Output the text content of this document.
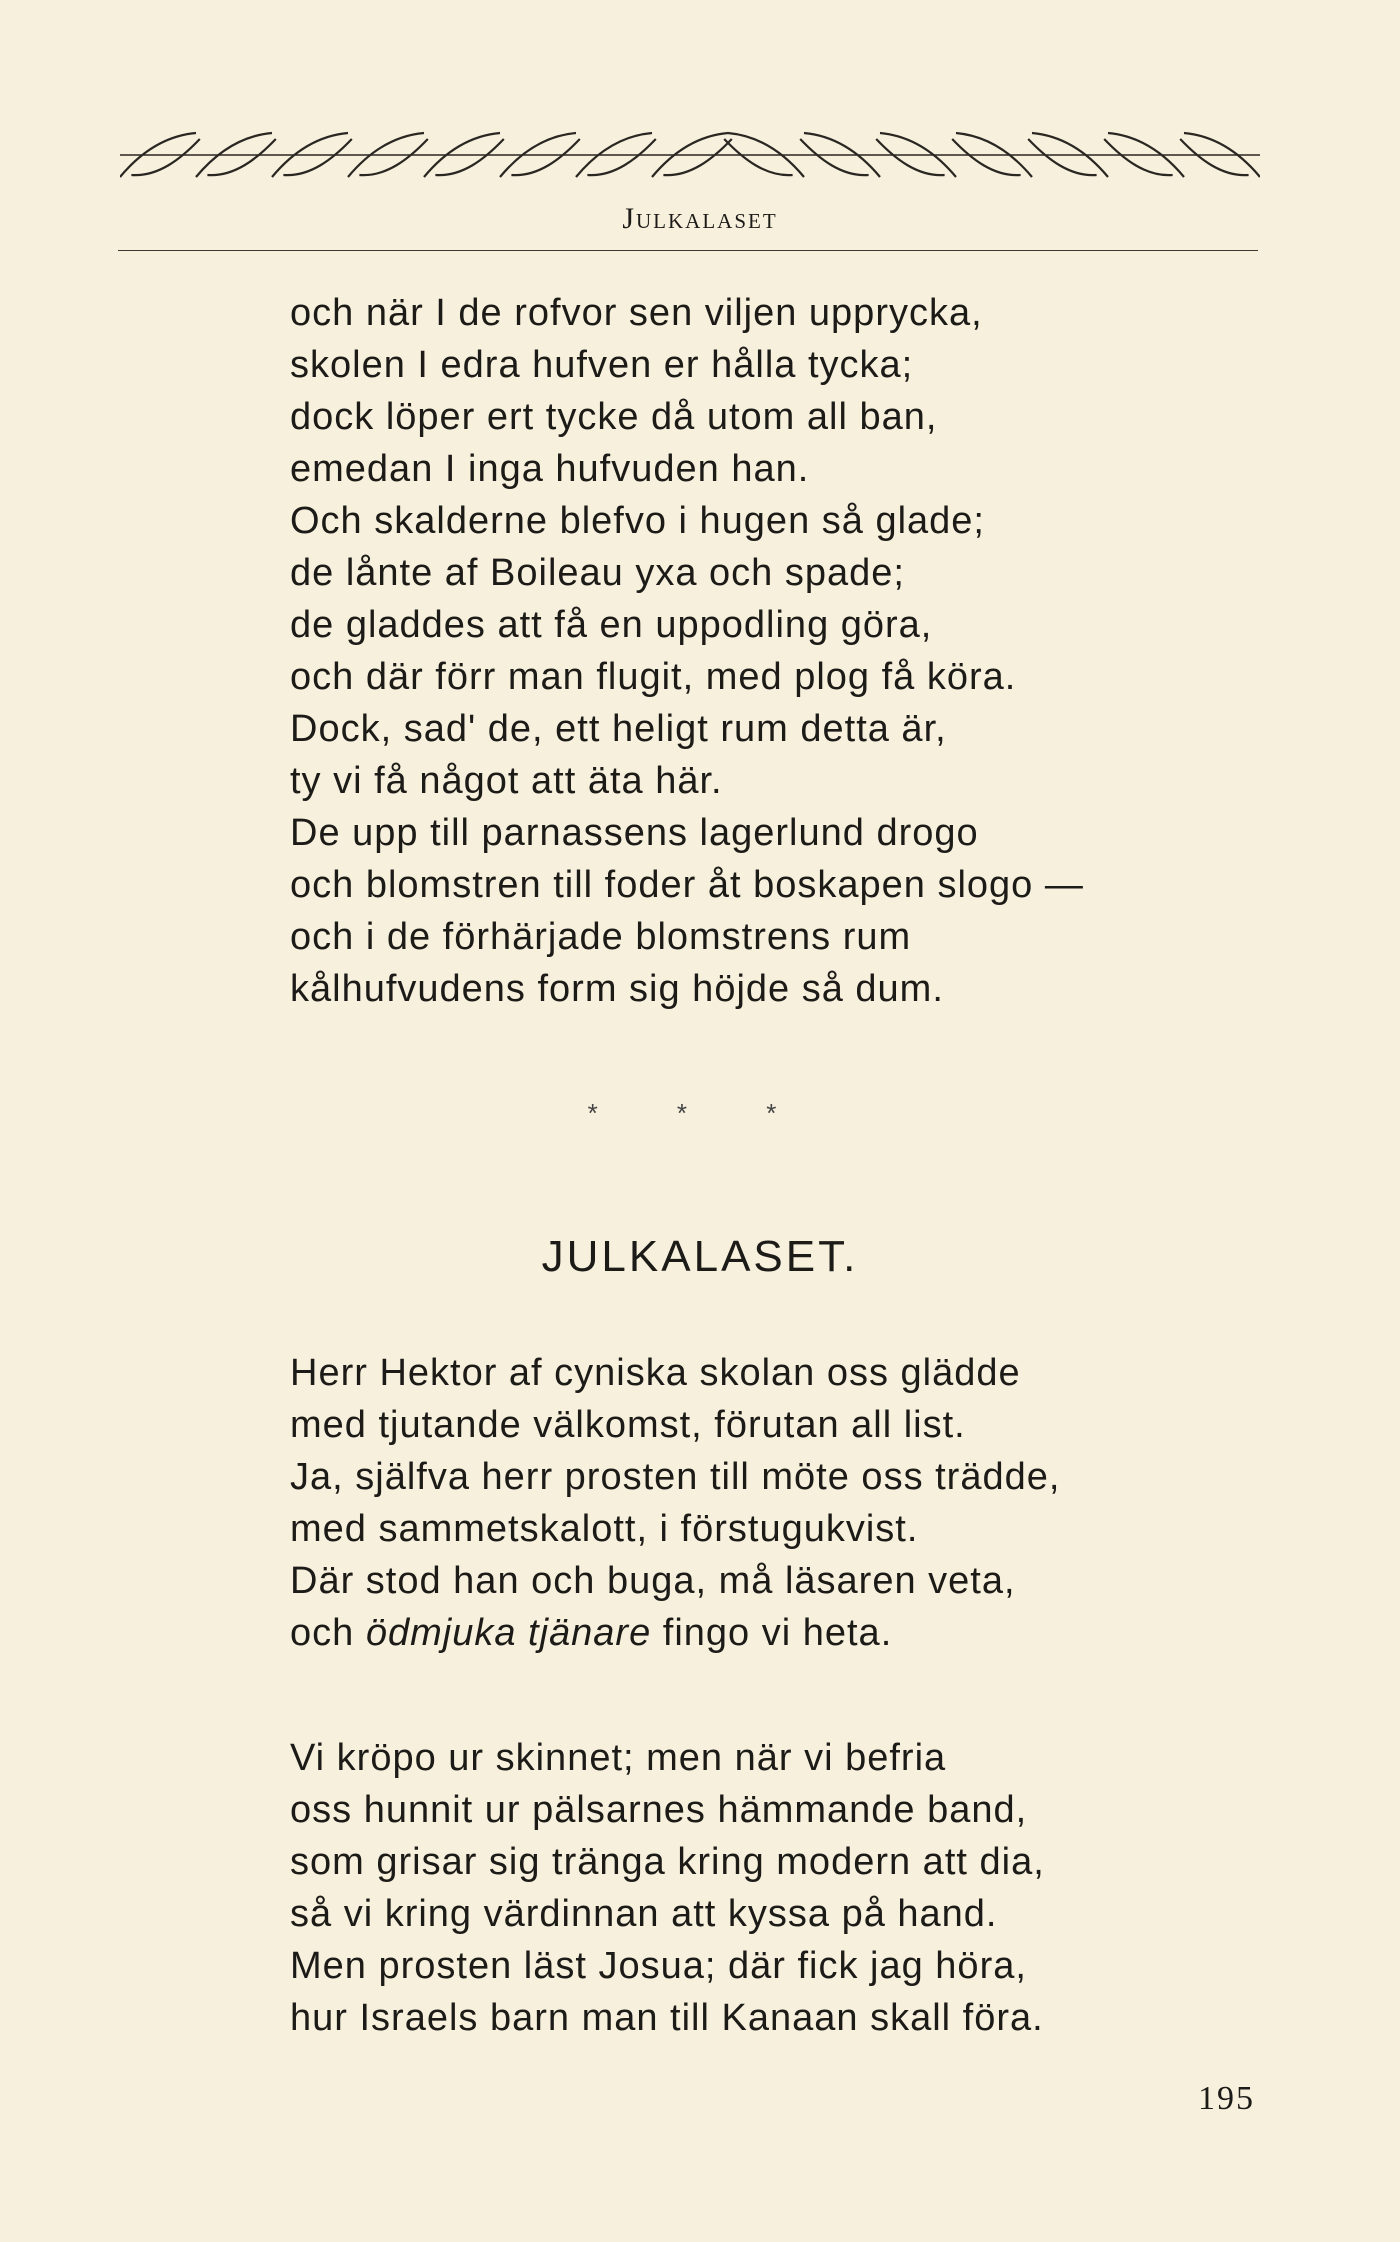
Julkalaset
och när I de rofvor sen viljen upprycka,
skolen I edra hufven er hålla tycka;
dock löper ert tycke då utom all ban,
emedan I inga hufvuden han.
Och skalderne blefvo i hugen så glade;
de lånte af Boileau yxa och spade;
de gladdes att få en uppodling göra,
och där förr man flugit, med plog få köra.
Dock, sad' de, ett heligt rum detta är,
ty vi få något att äta här.
De upp till parnassens lagerlund drogo
och blomstren till foder åt boskapen slogo —
och i de förhärjade blomstrens rum
kålhufvudens form sig höjde så dum.
* * *
JULKALASET.
Herr Hektor af cyniska skolan oss glädde
med tjutande välkomst, förutan all list.
Ja, själfva herr prosten till möte oss trädde,
med sammetskalott, i förstugukvist.
Där stod han och buga, må läsaren veta,
och ödmjuka tjänare fingo vi heta.
Vi kröpo ur skinnet; men när vi befria
oss hunnit ur pälsarnes hämmande band,
som grisar sig tränga kring modern att dia,
så vi kring värdinnan att kyssa på hand.
Men prosten läst Josua; där fick jag höra,
hur Israels barn man till Kanaan skall föra.
195
